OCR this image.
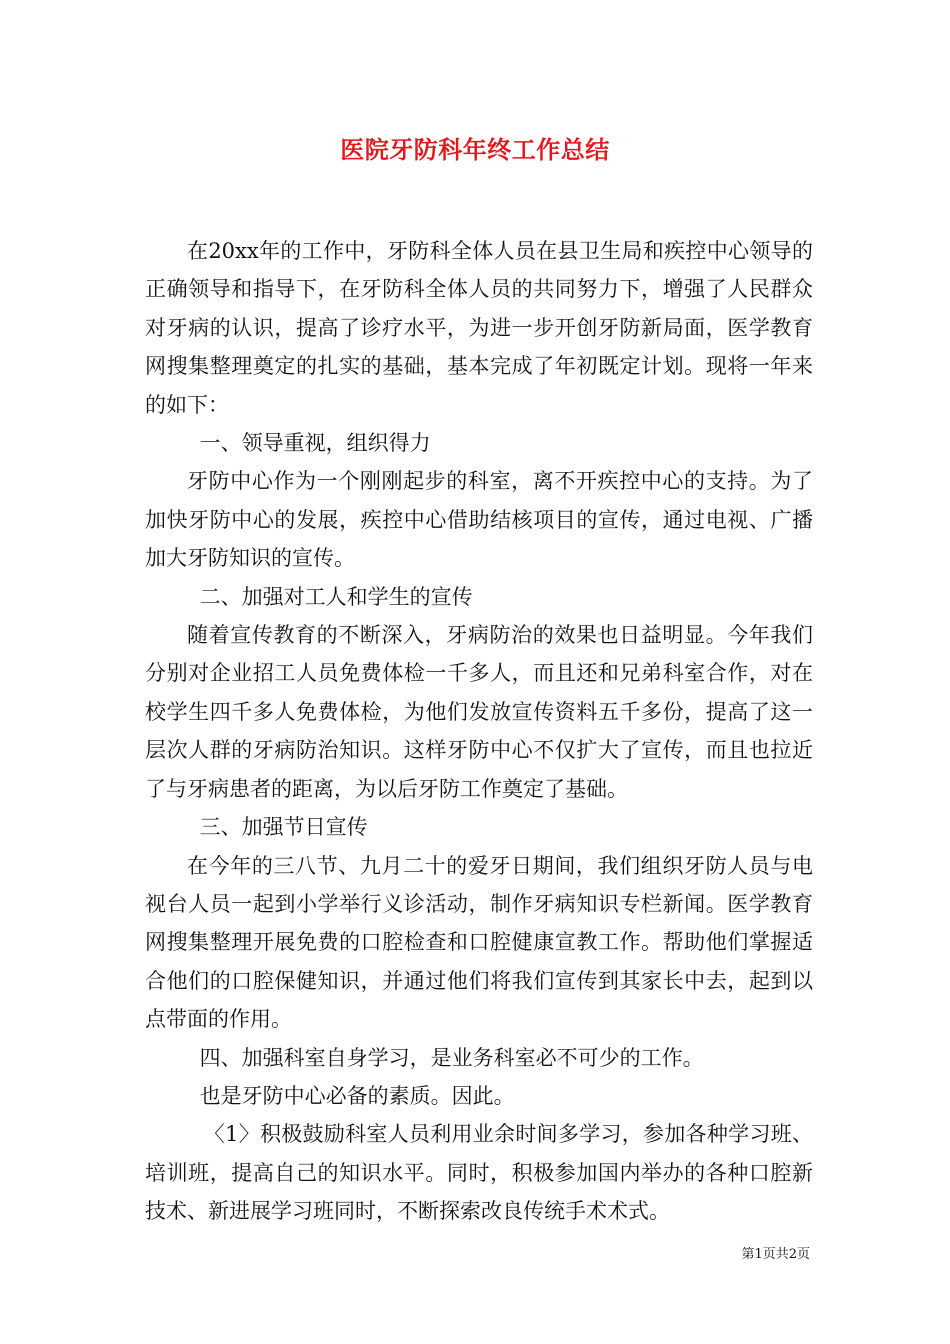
医院牙防科年终工作总结

在20xx年的工作中，牙防科全体人员在县卫生局和疾控中心领导的正确领导和指导下，在牙防科全体人员的共同努力下，增强了人民群众对牙病的认识，提高了诊疗水平，为进一步开创牙防新局面，医学教育网搜集整理奠定的扎实的基础，基本完成了年初既定计划。现将一年来的如下：

一、领导重视，组织得力

牙防中心作为一个刚刚起步的科室，离不开疾控中心的支持。为了加快牙防中心的发展，疾控中心借助结核项目的宣传，通过电视、广播加大牙防知识的宣传。

二、加强对工人和学生的宣传

随着宣传教育的不断深入，牙病防治的效果也日益明显。今年我们分别对企业招工人员免费体检一千多人，而且还和兄弟科室合作，对在校学生四千多人免费体检，为他们发放宣传资料五千多份，提高了这一层次人群的牙病防治知识。这样牙防中心不仅扩大了宣传，而且也拉近了与牙病患者的距离，为以后牙防工作奠定了基础。

三、加强节日宣传

在今年的三八节、九月二十的爱牙日期间，我们组织牙防人员与电视台人员一起到小学举行义诊活动，制作牙病知识专栏新闻。医学教育网搜集整理开展免费的口腔检查和口腔健康宣教工作。帮助他们掌握适合他们的口腔保健知识，并通过他们将我们宣传到其家长中去，起到以点带面的作用。

四、加强科室自身学习，是业务科室必不可少的工作。

也是牙防中心必备的素质。因此。

〈1〉积极鼓励科室人员利用业余时间多学习，参加各种学习班、培训班，提高自己的知识水平。同时，积极参加国内举办的各种口腔新技术、新进展学习班同时，不断探索改良传统手术术式。

第1页共2页
